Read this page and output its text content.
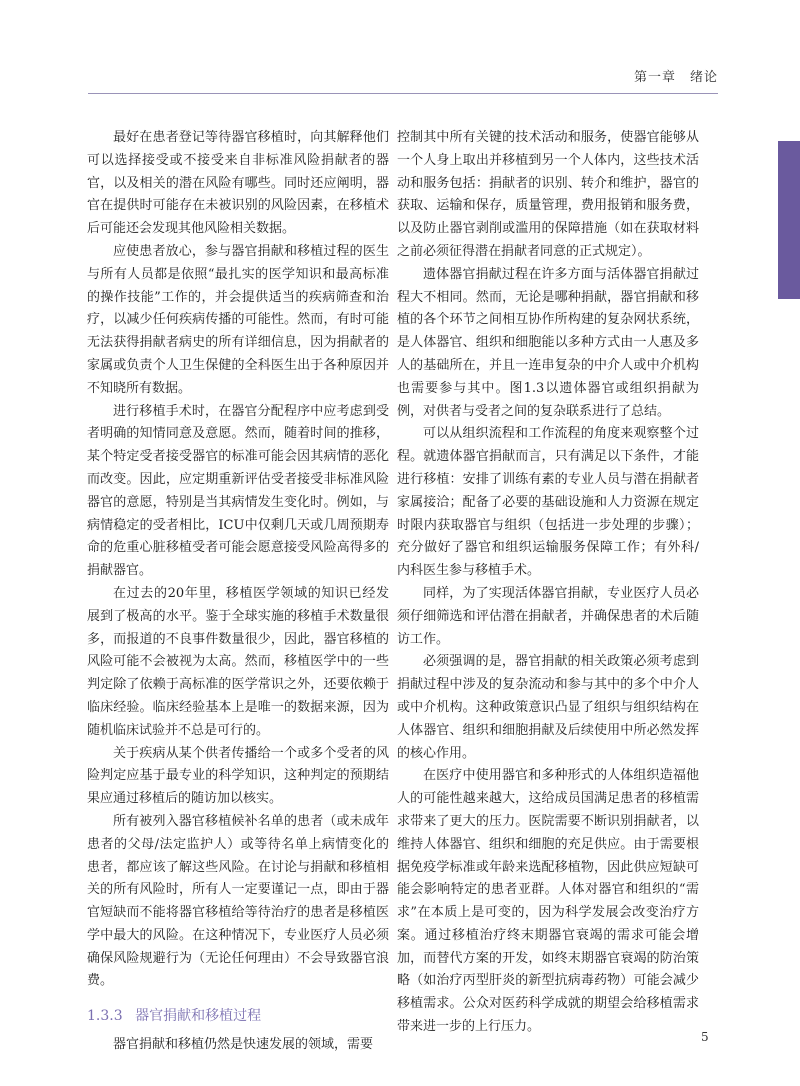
第一章　绪论

最好在患者登记等待器官移植时，向其解释他们可以选择接受或不接受来自非标准风险捐献者的器官，以及相关的潜在风险有哪些。同时还应阐明，器官在提供时可能存在未被识别的风险因素，在移植术后可能还会发现其他风险相关数据。

应使患者放心，参与器官捐献和移植过程的医生与所有人员都是依照“最扎实的医学知识和最高标准的操作技能”工作的，并会提供适当的疾病筛查和治疗，以减少任何疾病传播的可能性。然而，有时可能无法获得捐献者病史的所有详细信息，因为捐献者的家属或负责个人卫生保健的全科医生出于各种原因并不知晓所有数据。

进行移植手术时，在器官分配程序中应考虑到受者明确的知情同意及意愿。然而，随着时间的推移，某个特定受者接受器官的标准可能会因其病情的恶化而改变。因此，应定期重新评估受者接受非标准风险器官的意愿，特别是当其病情发生变化时。例如，与病情稳定的受者相比，ICU中仅剩几天或几周预期寿命的危重心脏移植受者可能会愿意接受风险高得多的捐献器官。

在过去的20年里，移植医学领域的知识已经发展到了极高的水平。鉴于全球实施的移植手术数量很多，而报道的不良事件数量很少，因此，器官移植的风险可能不会被视为太高。然而，移植医学中的一些判定除了依赖于高标准的医学常识之外，还要依赖于临床经验。临床经验基本上是唯一的数据来源，因为随机临床试验并不总是可行的。

关于疾病从某个供者传播给一个或多个受者的风险判定应基于最专业的科学知识，这种判定的预期结果应通过移植后的随访加以核实。

所有被列入器官移植候补名单的患者（或未成年患者的父母/法定监护人）或等待名单上病情变化的患者，都应该了解这些风险。在讨论与捐献和移植相关的所有风险时，所有人一定要谨记一点，即由于器官短缺而不能将器官移植给等待治疗的患者是移植医学中最大的风险。在这种情况下，专业医疗人员必须确保风险规避行为（无论任何理由）不会导致器官浪费。

1.3.3 器官捐献和移植过程

器官捐献和移植仍然是快速发展的领域，需要

控制其中所有关键的技术活动和服务，使器官能够从一个人身上取出并移植到另一个人体内，这些技术活动和服务包括：捐献者的识别、转介和维护，器官的获取、运输和保存，质量管理，费用报销和服务费，以及防止器官剥削或滥用的保障措施（如在获取材料之前必须征得潜在捐献者同意的正式规定）。

遗体器官捐献过程在许多方面与活体器官捐献过程大不相同。然而，无论是哪种捐献，器官捐献和移植的各个环节之间相互协作所构建的复杂网状系统，是人体器官、组织和细胞能以多种方式由一人惠及多人的基础所在，并且一连串复杂的中介人或中介机构也需要参与其中。图1.3以遗体器官或组织捐献为例，对供者与受者之间的复杂联系进行了总结。

可以从组织流程和工作流程的角度来观察整个过程。就遗体器官捐献而言，只有满足以下条件，才能进行移植：安排了训练有素的专业人员与潜在捐献者家属接洽；配备了必要的基础设施和人力资源在规定时限内获取器官与组织（包括进一步处理的步骤）；充分做好了器官和组织运输服务保障工作；有外科/内科医生参与移植手术。

同样，为了实现活体器官捐献，专业医疗人员必须仔细筛选和评估潜在捐献者，并确保患者的术后随访工作。

必须强调的是，器官捐献的相关政策必须考虑到捐献过程中涉及的复杂流动和参与其中的多个中介人或中介机构。这种政策意识凸显了组织与组织结构在人体器官、组织和细胞捐献及后续使用中所必然发挥的核心作用。

在医疗中使用器官和多种形式的人体组织造福他人的可能性越来越大，这给成员国满足患者的移植需求带来了更大的压力。医院需要不断识别捐献者，以维持人体器官、组织和细胞的充足供应。由于需要根据免疫学标准或年龄来选配移植物，因此供应短缺可能会影响特定的患者亚群。人体对器官和组织的“需求”在本质上是可变的，因为科学发展会改变治疗方案。通过移植治疗终末期器官衰竭的需求可能会增加，而替代方案的开发，如终末期器官衰竭的防治策略（如治疗丙型肝炎的新型抗病毒药物）可能会减少移植需求。公众对医药科学成就的期望会给移植需求带来进一步的上行压力。

5
